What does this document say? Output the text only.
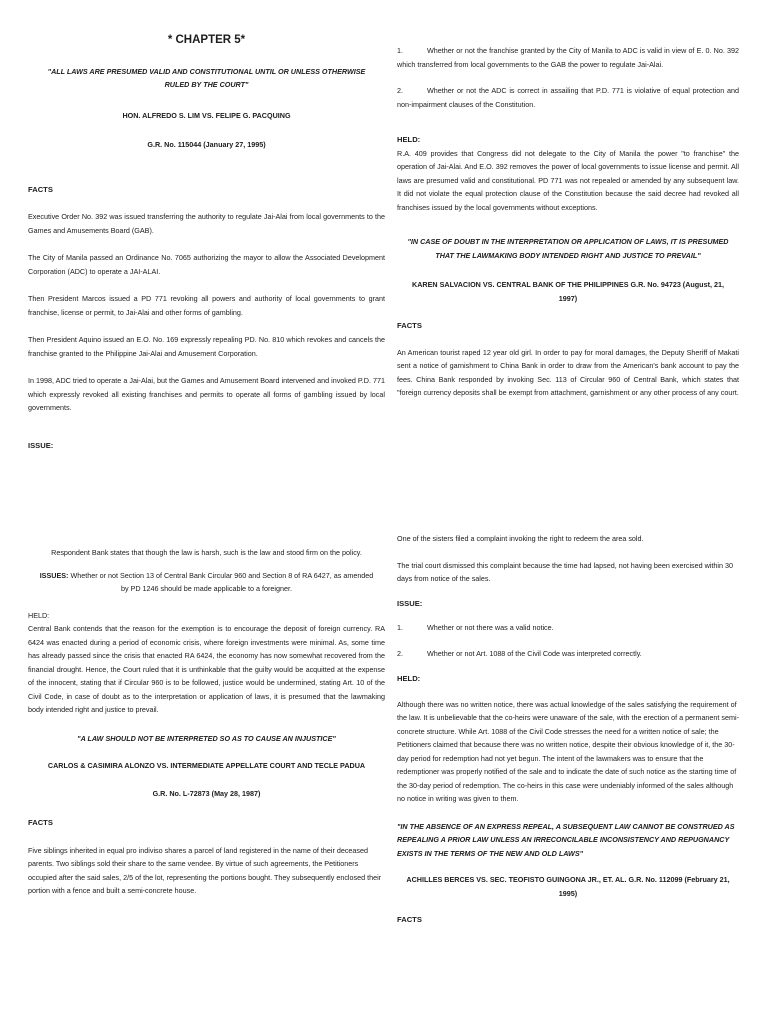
* CHAPTER 5*

"ALL LAWS ARE PRESUMED VALID AND CONSTITUTIONAL UNTIL OR UNLESS OTHERWISE RULED BY THE COURT"

HON. ALFREDO S. LIM VS. FELIPE G. PACQUING

G.R. No. 115044 (January 27, 1995)

FACTS

Executive Order No. 392 was issued transferring the authority to regulate Jai-Alai from local governments to the Games and Amusements Board (GAB).

The City of Manila passed an Ordinance No. 7065 authorizing the mayor to allow the Associated Development Corporation (ADC) to operate a JAI-ALAI.

Then President Marcos issued a PD 771 revoking all powers and authority of local governments to grant franchise, license or permit, to Jai-Alai and other forms of gambling.

Then President Aquino issued an E.O. No. 169 expressly repealing PD. No. 810 which revokes and cancels the franchise granted to the Philippine Jai-Alai and Amusement Corporation.

In 1998, ADC tried to operate a Jai-Alai, but the Games and Amusement Board intervened and invoked P.D. 771 which expressly revoked all existing franchises and permits to operate all forms of gambling issued by local governments.

ISSUE:

1.	Whether or not the franchise granted by the City of Manila to ADC is valid in view of E. 0. No. 392 which transferred from local governments to the GAB the power to regulate Jai-Alai.
2.	Whether or not the ADC is correct in assailing that P.D. 771 is violative of equal protection and non-impairment clauses of the Constitution.

HELD:

R.A. 409 provides that Congress did not delegate to the City of Manila the power "to franchise" the operation of Jai-Alai. And E.O. 392 removes the power of local governments to issue license and permit. All laws are presumed valid and constitutional. PD 771 was not repealed or amended by any subsequent law. It did not violate the equal protection clause of the Constitution because the said decree had revoked all franchises issued by the local governments without exceptions.

"IN CASE OF DOUBT IN THE INTERPRETATION OR APPLICATION OF LAWS, IT IS PRESUMED THAT THE LAWMAKING BODY INTENDED RIGHT AND JUSTICE TO PREVAIL"

KAREN SALVACION VS. CENTRAL BANK OF THE PHILIPPINES G.R. No. 94723 (August, 21, 1997)

FACTS

An American tourist raped 12 year old girl. In order to pay for moral damages, the Deputy Sheriff of Makati sent a notice of garnishment to China Bank in order to draw from the American's bank account to pay the fees. China Bank responded by invoking Sec. 113 of Circular 960 of Central Bank, which states that "foreign currency deposits shall be exempt from attachment, garnishment or any other process of any court.

Respondent Bank states that though the law is harsh, such is the law and stood firm on the policy.

ISSUES: Whether or not Section 13 of Central Bank Circular 960 and Section 8 of RA 6427, as amended by PD 1246 should be made applicable to a foreigner.

HELD:

Central Bank contends that the reason for the exemption is to encourage the deposit of foreign currency. RA 6424 was enacted during a period of economic crisis, where foreign investments were minimal. As, some time has already passed since the crisis that enacted RA 6424, the economy has now somewhat recovered from the financial drought. Hence, the Court ruled that it is unthinkable that the guilty would be acquitted at the expense of the innocent, stating that if Circular 960 is to be followed, justice would be undermined, stating Art. 10 of the Civil Code, in case of doubt as to the interpretation or application of laws, it is presumed that the lawmaking body intended right and justice to prevail.

"A LAW SHOULD NOT BE INTERPRETED SO AS TO CAUSE AN INJUSTICE"

CARLOS & CASIMIRA ALONZO VS. INTERMEDIATE APPELLATE COURT AND TECLE PADUA

G.R. No. L-72873 (May 28, 1987)

FACTS

Five siblings inherited in equal pro indiviso shares a parcel of land registered in the name of their deceased parents. Two siblings sold their share to the same vendee. By virtue of such agreements, the Petitioners occupied after the said sales, 2/5 of the lot, representing the portions bought. They subsequently enclosed their portion with a fence and built a semi-concrete house.

One of the sisters filed a complaint invoking the right to redeem the area sold.

The trial court dismissed this complaint because the time had lapsed, not having been exercised within 30 days from notice of the sales.

ISSUE:

1.	Whether or not there was a valid notice.
2.	Whether or not Art. 1088 of the Civil Code was interpreted correctly.

HELD:

Although there was no written notice, there was actual knowledge of the sales satisfying the requirement of the law. It is unbelievable that the co-heirs were unaware of the sale, with the erection of a permanent semi-concrete structure. While Art. 1088 of the Civil Code stresses the need for a written notice of sale; the Petitioners claimed that because there was no written notice, despite their obvious knowledge of it, the 30-day period for redemption had not yet begun. The intent of the lawmakers was to ensure that the redemptioner was properly notified of the sale and to indicate the date of such notice as the starting time of the 30-day period of redemption. The co-heirs in this case were undeniably informed of the sales although no notice in writing was given to them.

"IN THE ABSENCE OF AN EXPRESS REPEAL, A SUBSEQUENT LAW CANNOT BE CONSTRUED AS REPEALING A PRIOR LAW UNLESS AN IRRECONCILABLE INCONSISTENCY AND REPUGNANCY EXISTS IN THE TERMS OF THE NEW AND OLD LAWS"

ACHILLES BERCES VS. SEC. TEOFISTO GUINGONA JR., ET. AL. G.R. No. 112099 (February 21, 1995)

FACTS
